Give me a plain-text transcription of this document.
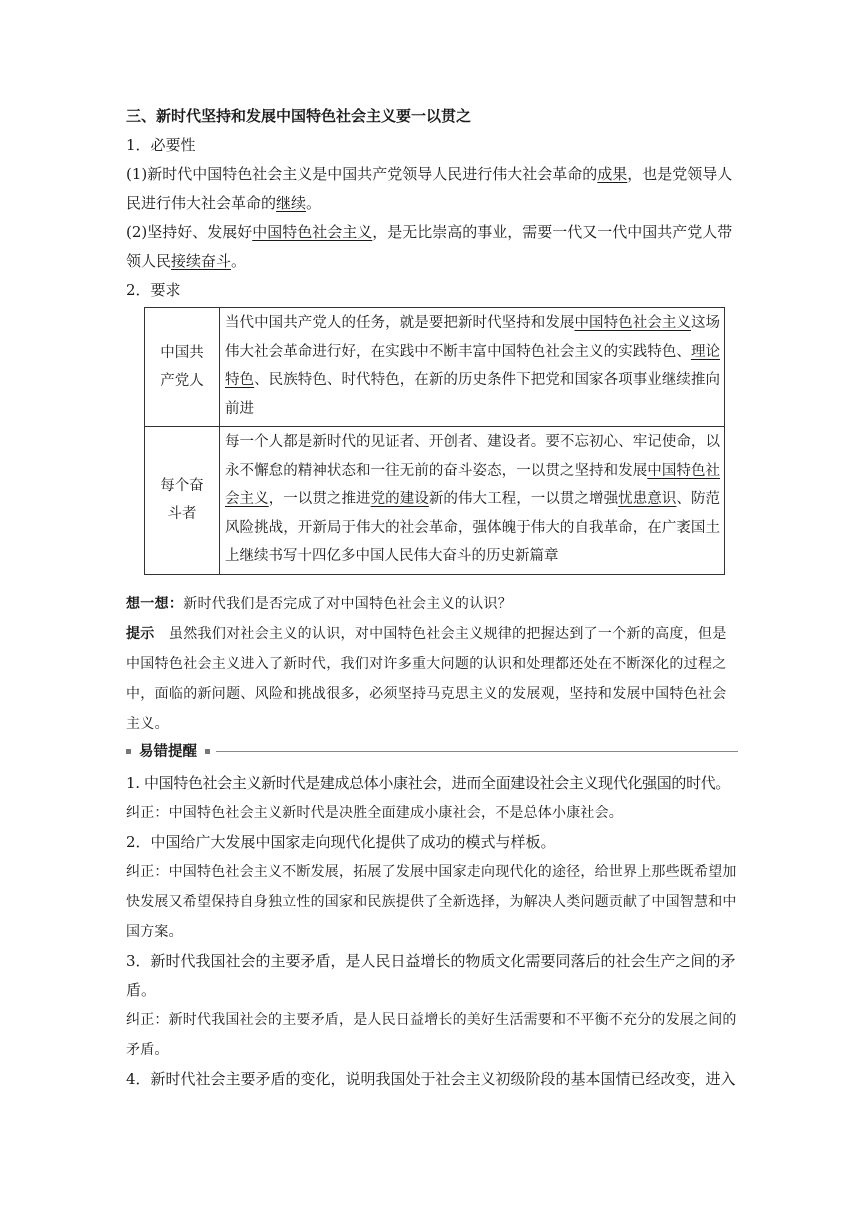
三、新时代坚持和发展中国特色社会主义要一以贯之

1．必要性

(1)新时代中国特色社会主义是中国共产党领导人民进行伟大社会革命的成果，也是党领导人民进行伟大社会革命的继续。

(2)坚持好、发展好中国特色社会主义，是无比崇高的事业，需要一代又一代中国共产党人带领人民接续奋斗。

2．要求

中国共产党人	当代中国共产党人的任务，就是要把新时代坚持和发展中国特色社会主义这场伟大社会革命进行好，在实践中不断丰富中国特色社会主义的实践特色、理论特色、民族特色、时代特色，在新的历史条件下把党和国家各项事业继续推向前进

每个奋斗者	每一个人都是新时代的见证者、开创者、建设者。要不忘初心、牢记使命，以永不懈怠的精神状态和一往无前的奋斗姿态，一以贯之坚持和发展中国特色社会主义，一以贯之推进党的建设新的伟大工程，一以贯之增强忧患意识、防范风险挑战，开新局于伟大的社会革命，强体魄于伟大的自我革命，在广袤国土上继续书写十四亿多中国人民伟大奋斗的历史新篇章

想一想：新时代我们是否完成了对中国特色社会主义的认识？

提示　 虽然我们对社会主义的认识，对中国特色社会主义规律的把握达到了一个新的高度，但是中国特色社会主义进入了新时代，我们对许多重大问题的认识和处理都还处在不断深化的过程之中，面临的新问题、风险和挑战很多，必须坚持马克思主义的发展观，坚持和发展中国特色社会主义。

易错提醒

1. 中国特色社会主义新时代是建成总体小康社会，进而全面建设社会主义现代化强国的时代。

纠正：中国特色社会主义新时代是决胜全面建成小康社会，不是总体小康社会。

2．中国给广大发展中国家走向现代化提供了成功的模式与样板。

纠正：中国特色社会主义不断发展，拓展了发展中国家走向现代化的途径，给世界上那些既希望加快发展又希望保持自身独立性的国家和民族提供了全新选择，为解决人类问题贡献了中国智慧和中国方案。

3．新时代我国社会的主要矛盾，是人民日益增长的物质文化需要同落后的社会生产之间的矛盾。

纠正：新时代我国社会的主要矛盾，是人民日益增长的美好生活需要和不平衡不充分的发展之间的矛盾。

4．新时代社会主要矛盾的变化，说明我国处于社会主义初级阶段的基本国情已经改变，进入
